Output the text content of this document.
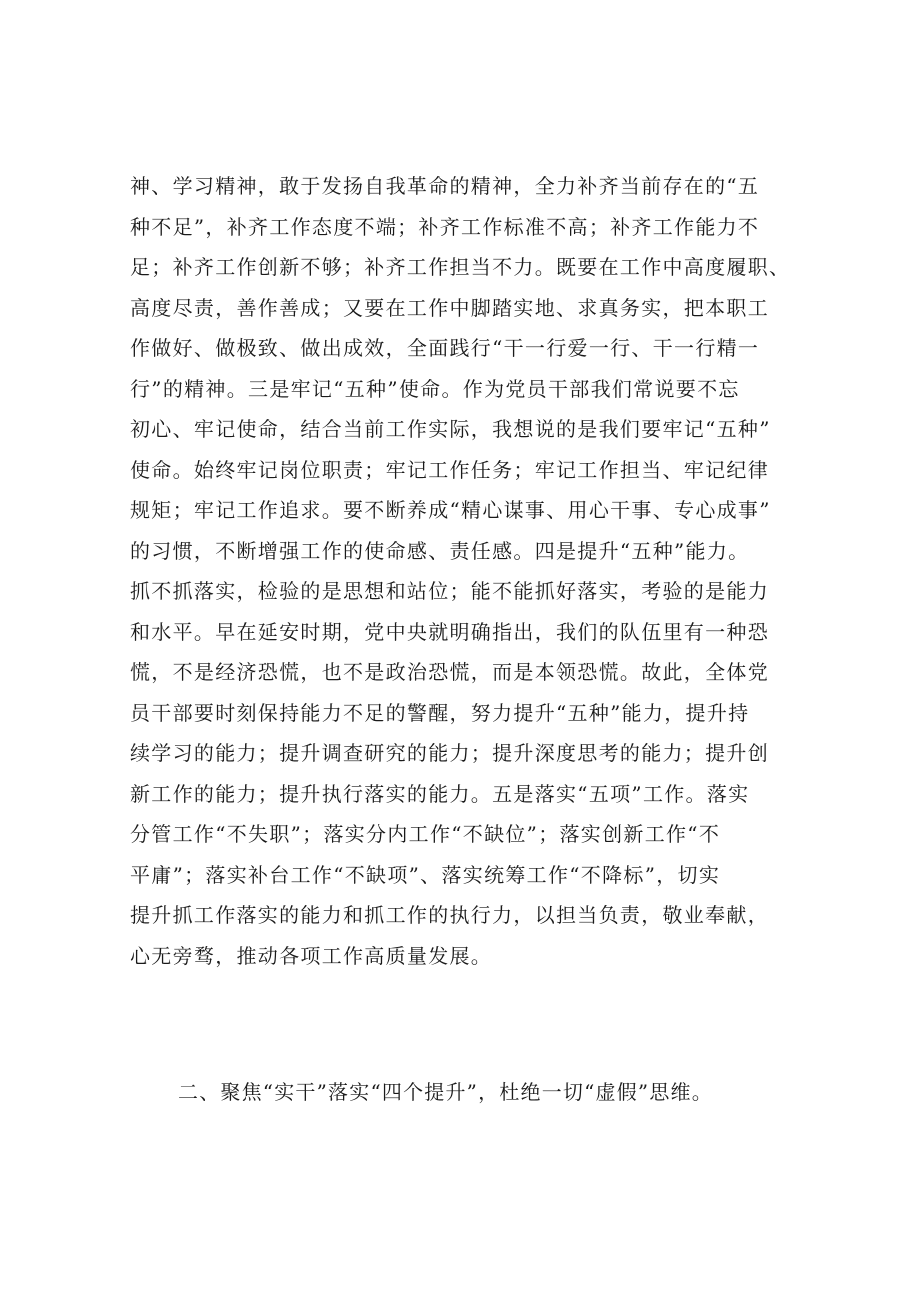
神、学习精神，敢于发扬自我革命的精神，全力补齐当前存在的“五
种不足”，补齐工作态度不端；补齐工作标准不高；补齐工作能力不
足；补齐工作创新不够；补齐工作担当不力。既要在工作中高度履职、
高度尽责，善作善成；又要在工作中脚踏实地、求真务实，把本职工
作做好、做极致、做出成效，全面践行“干一行爱一行、干一行精一
行”的精神。三是牢记“五种”使命。作为党员干部我们常说要不忘
初心、牢记使命，结合当前工作实际，我想说的是我们要牢记“五种”
使命。始终牢记岗位职责；牢记工作任务；牢记工作担当、牢记纪律
规矩；牢记工作追求。要不断养成“精心谋事、用心干事、专心成事”
的习惯，不断增强工作的使命感、责任感。四是提升“五种”能力。
抓不抓落实，检验的是思想和站位；能不能抓好落实，考验的是能力
和水平。早在延安时期，党中央就明确指出，我们的队伍里有一种恐
慌，不是经济恐慌，也不是政治恐慌，而是本领恐慌。故此，全体党
员干部要时刻保持能力不足的警醒，努力提升“五种”能力，提升持
续学习的能力；提升调查研究的能力；提升深度思考的能力；提升创
新工作的能力；提升执行落实的能力。五是落实“五项”工作。落实
分管工作“不失职”；落实分内工作“不缺位”；落实创新工作“不
平庸”；落实补台工作“不缺项”、落实统筹工作“不降标”，切实
提升抓工作落实的能力和抓工作的执行力，以担当负责，敬业奉献，
心无旁骛，推动各项工作高质量发展。
二、聚焦“实干”落实“四个提升”，杜绝一切“虚假”思维。
